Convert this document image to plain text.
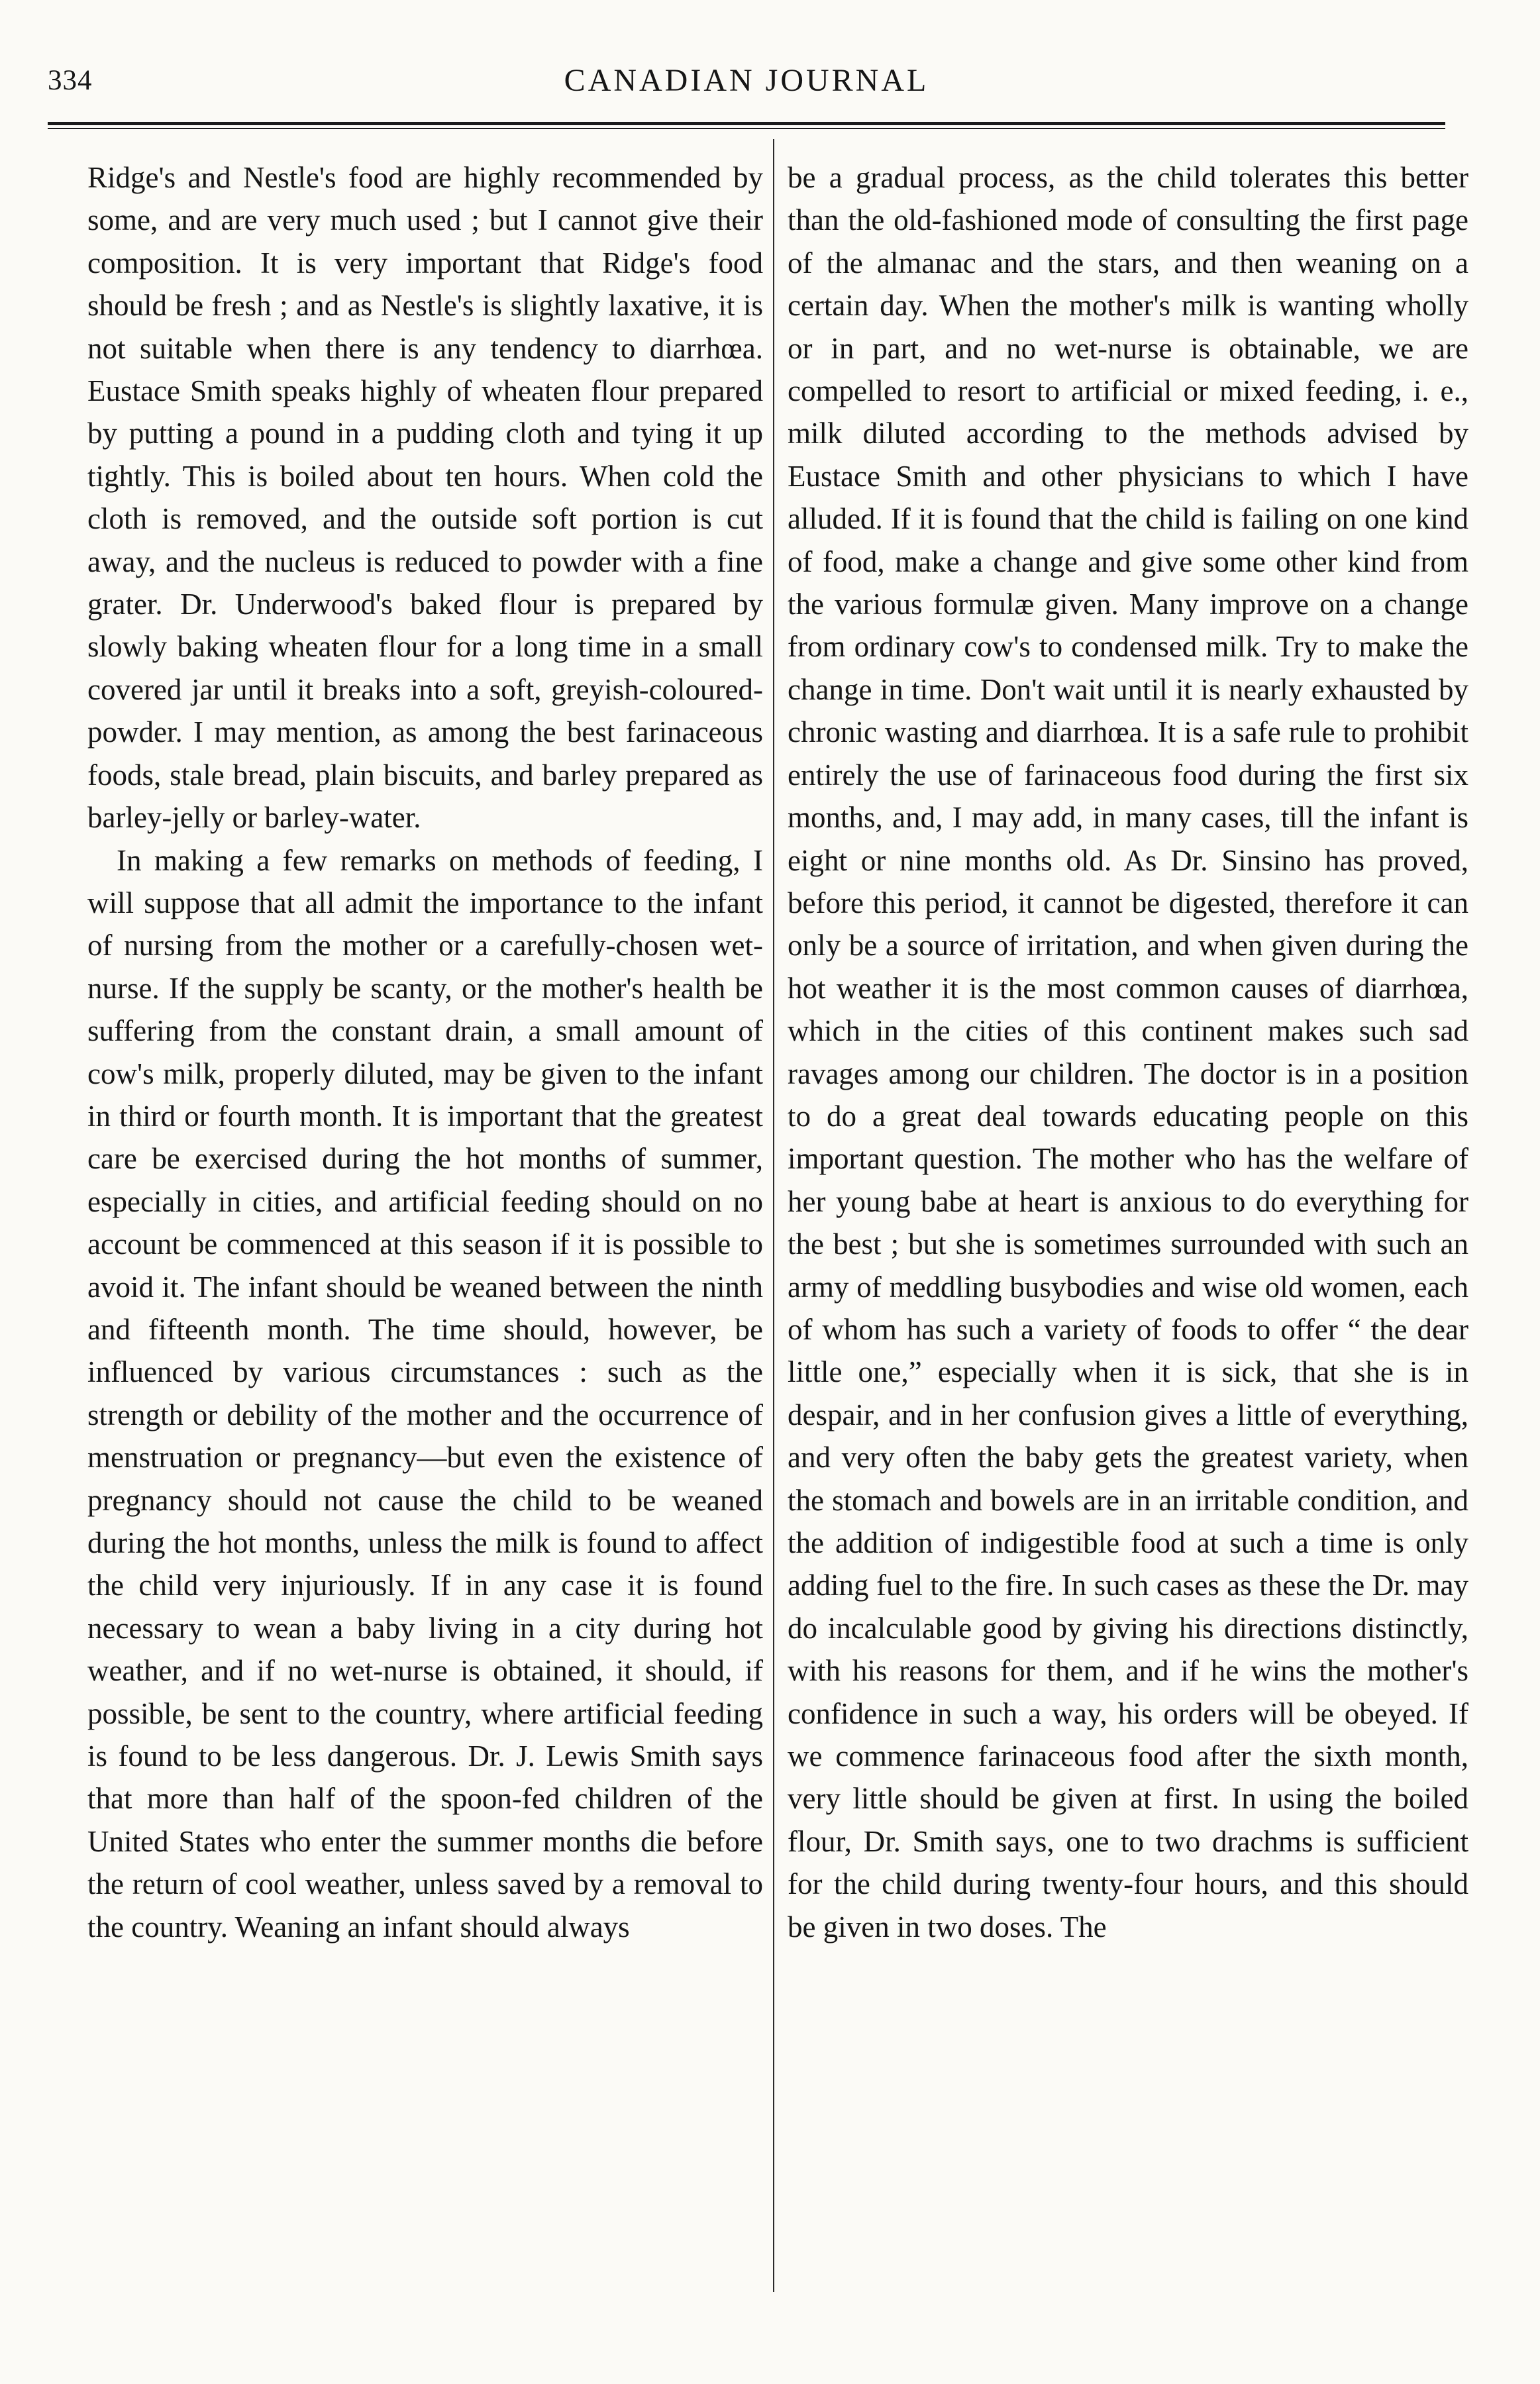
334	CANADIAN JOURNAL

Ridge's and Nestle's food are highly recommended by some, and are very much used ; but I cannot give their composition. It is very important that Ridge's food should be fresh ; and as Nestle's is slightly laxative, it is not suitable when there is any tendency to diarrhœa. Eustace Smith speaks highly of wheaten flour prepared by putting a pound in a pudding cloth and tying it up tightly. This is boiled about ten hours. When cold the cloth is removed, and the outside soft portion is cut away, and the nucleus is reduced to powder with a fine grater. Dr. Underwood's baked flour is prepared by slowly baking wheaten flour for a long time in a small covered jar until it breaks into a soft, greyish-coloured-powder. I may mention, as among the best farinaceous foods, stale bread, plain biscuits, and barley prepared as barley-jelly or barley-water.

In making a few remarks on methods of feeding, I will suppose that all admit the importance to the infant of nursing from the mother or a carefully-chosen wet-nurse. If the supply be scanty, or the mother's health be suffering from the constant drain, a small amount of cow's milk, properly diluted, may be given to the infant in third or fourth month. It is important that the greatest care be exercised during the hot months of summer, especially in cities, and artificial feeding should on no account be commenced at this season if it is possible to avoid it. The infant should be weaned between the ninth and fifteenth month. The time should, however, be influenced by various circumstances : such as the strength or debility of the mother and the occurrence of menstruation or pregnancy—but even the existence of pregnancy should not cause the child to be weaned during the hot months, unless the milk is found to affect the child very injuriously. If in any case it is found necessary to wean a baby living in a city during hot weather, and if no wet-nurse is obtained, it should, if possible, be sent to the country, where artificial feeding is found to be less dangerous. Dr. J. Lewis Smith says that more than half of the spoon-fed children of the United States who enter the summer months die before the return of cool weather, unless saved by a removal to the country. Weaning an infant should always

be a gradual process, as the child tolerates this better than the old-fashioned mode of consulting the first page of the almanac and the stars, and then weaning on a certain day. When the mother's milk is wanting wholly or in part, and no wet-nurse is obtainable, we are compelled to resort to artificial or mixed feeding, i. e., milk diluted according to the methods advised by Eustace Smith and other physicians to which I have alluded. If it is found that the child is failing on one kind of food, make a change and give some other kind from the various formulæ given. Many improve on a change from ordinary cow's to condensed milk. Try to make the change in time. Don't wait until it is nearly exhausted by chronic wasting and diarrhœa. It is a safe rule to prohibit entirely the use of farinaceous food during the first six months, and, I may add, in many cases, till the infant is eight or nine months old. As Dr. Sinsino has proved, before this period, it cannot be digested, therefore it can only be a source of irritation, and when given during the hot weather it is the most common causes of diarrhœa, which in the cities of this continent makes such sad ravages among our children. The doctor is in a position to do a great deal towards educating people on this important question. The mother who has the welfare of her young babe at heart is anxious to do everything for the best ; but she is sometimes surrounded with such an army of meddling busybodies and wise old women, each of whom has such a variety of foods to offer “ the dear little one,” especially when it is sick, that she is in despair, and in her confusion gives a little of everything, and very often the baby gets the greatest variety, when the stomach and bowels are in an irritable condition, and the addition of indigestible food at such a time is only adding fuel to the fire. In such cases as these the Dr. may do incalculable good by giving his directions distinctly, with his reasons for them, and if he wins the mother's confidence in such a way, his orders will be obeyed. If we commence farinaceous food after the sixth month, very little should be given at first. In using the boiled flour, Dr. Smith says, one to two drachms is sufficient for the child during twenty-four hours, and this should be given in two doses. The
